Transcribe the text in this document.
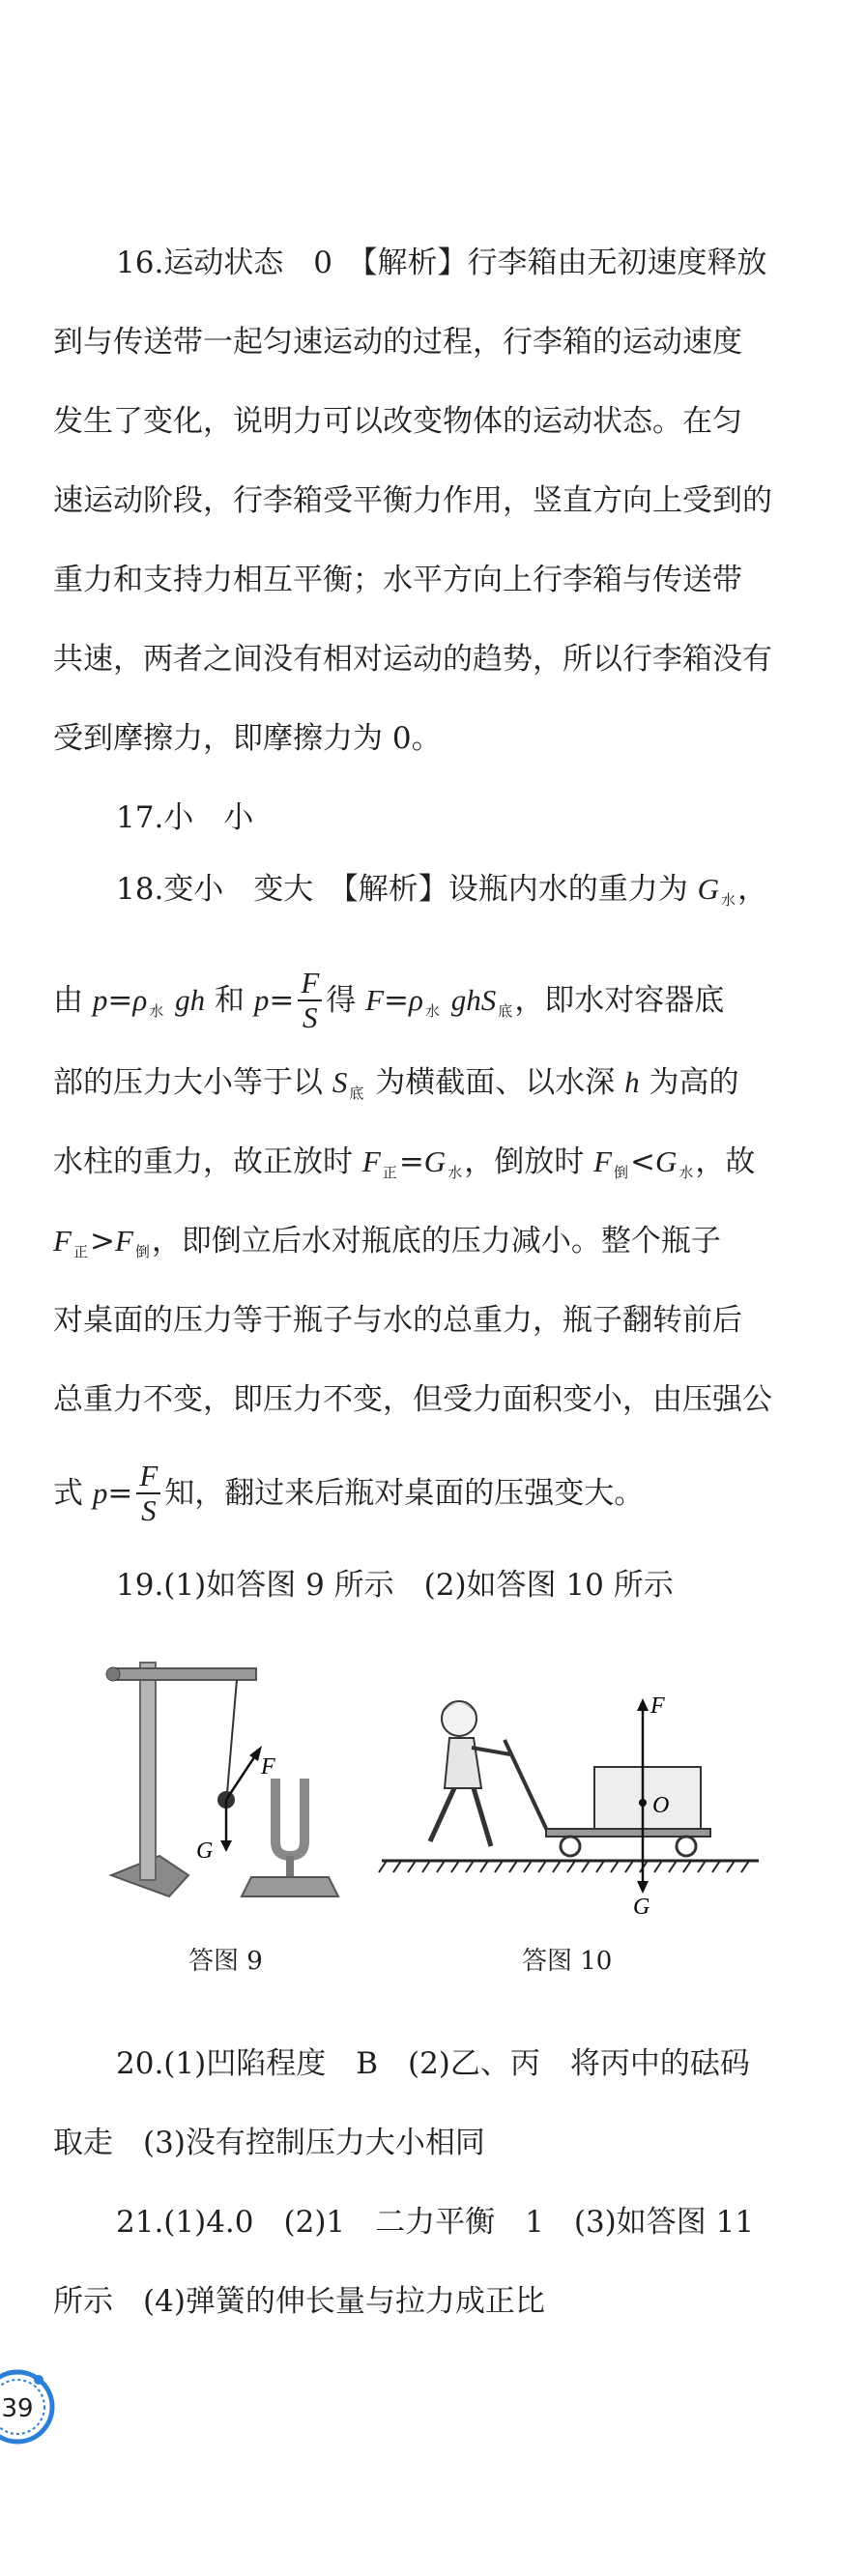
16.运动状态　0　【解析】行李箱由无初速度释放
到与传送带一起匀速运动的过程，行李箱的运动速度
发生了变化，说明力可以改变物体的运动状态。在匀
速运动阶段，行李箱受平衡力作用，竖直方向上受到的
重力和支持力相互平衡；水平方向上行李箱与传送带
共速，两者之间没有相对运动的趋势，所以行李箱没有
受到摩擦力，即摩擦力为 0。
17.小　小
18.变小　变大　【解析】设瓶内水的重力为 G 水，
由 p=ρ 水 gh 和 $p= \frac{F}{S}$ 得 F=ρ 水 ghS 底，即水对容器底
部的压力大小等于以 S 底 为横截面、以水深 h 为高的
水柱的重力，故正放时 F 正=G 水，倒放时 F 倒<G 水，故
F正>F 倒，即倒立后水对瓶底的压力减小。整个瓶子
对桌面的压力等于瓶子与水的总重力，瓶子翻转前后
总重力不变，即压力不变，但受力面积变小，由压强公
式 $p= \frac{F}{S}$ 知，翻过来后瓶对桌面的压强变大。
19.(1)如答图 9 所示　(2)如答图 10 所示
F
G
答图 9
O
F
G
答图 10
20.(1)凹陷程度　B　(2)乙、丙　将丙中的砝码
取走　(3)没有控制压力大小相同
21.(1)4.0　(2)1　二力平衡　1　(3)如答图 11
所示　(4)弹簧的伸长量与拉力成正比
39
